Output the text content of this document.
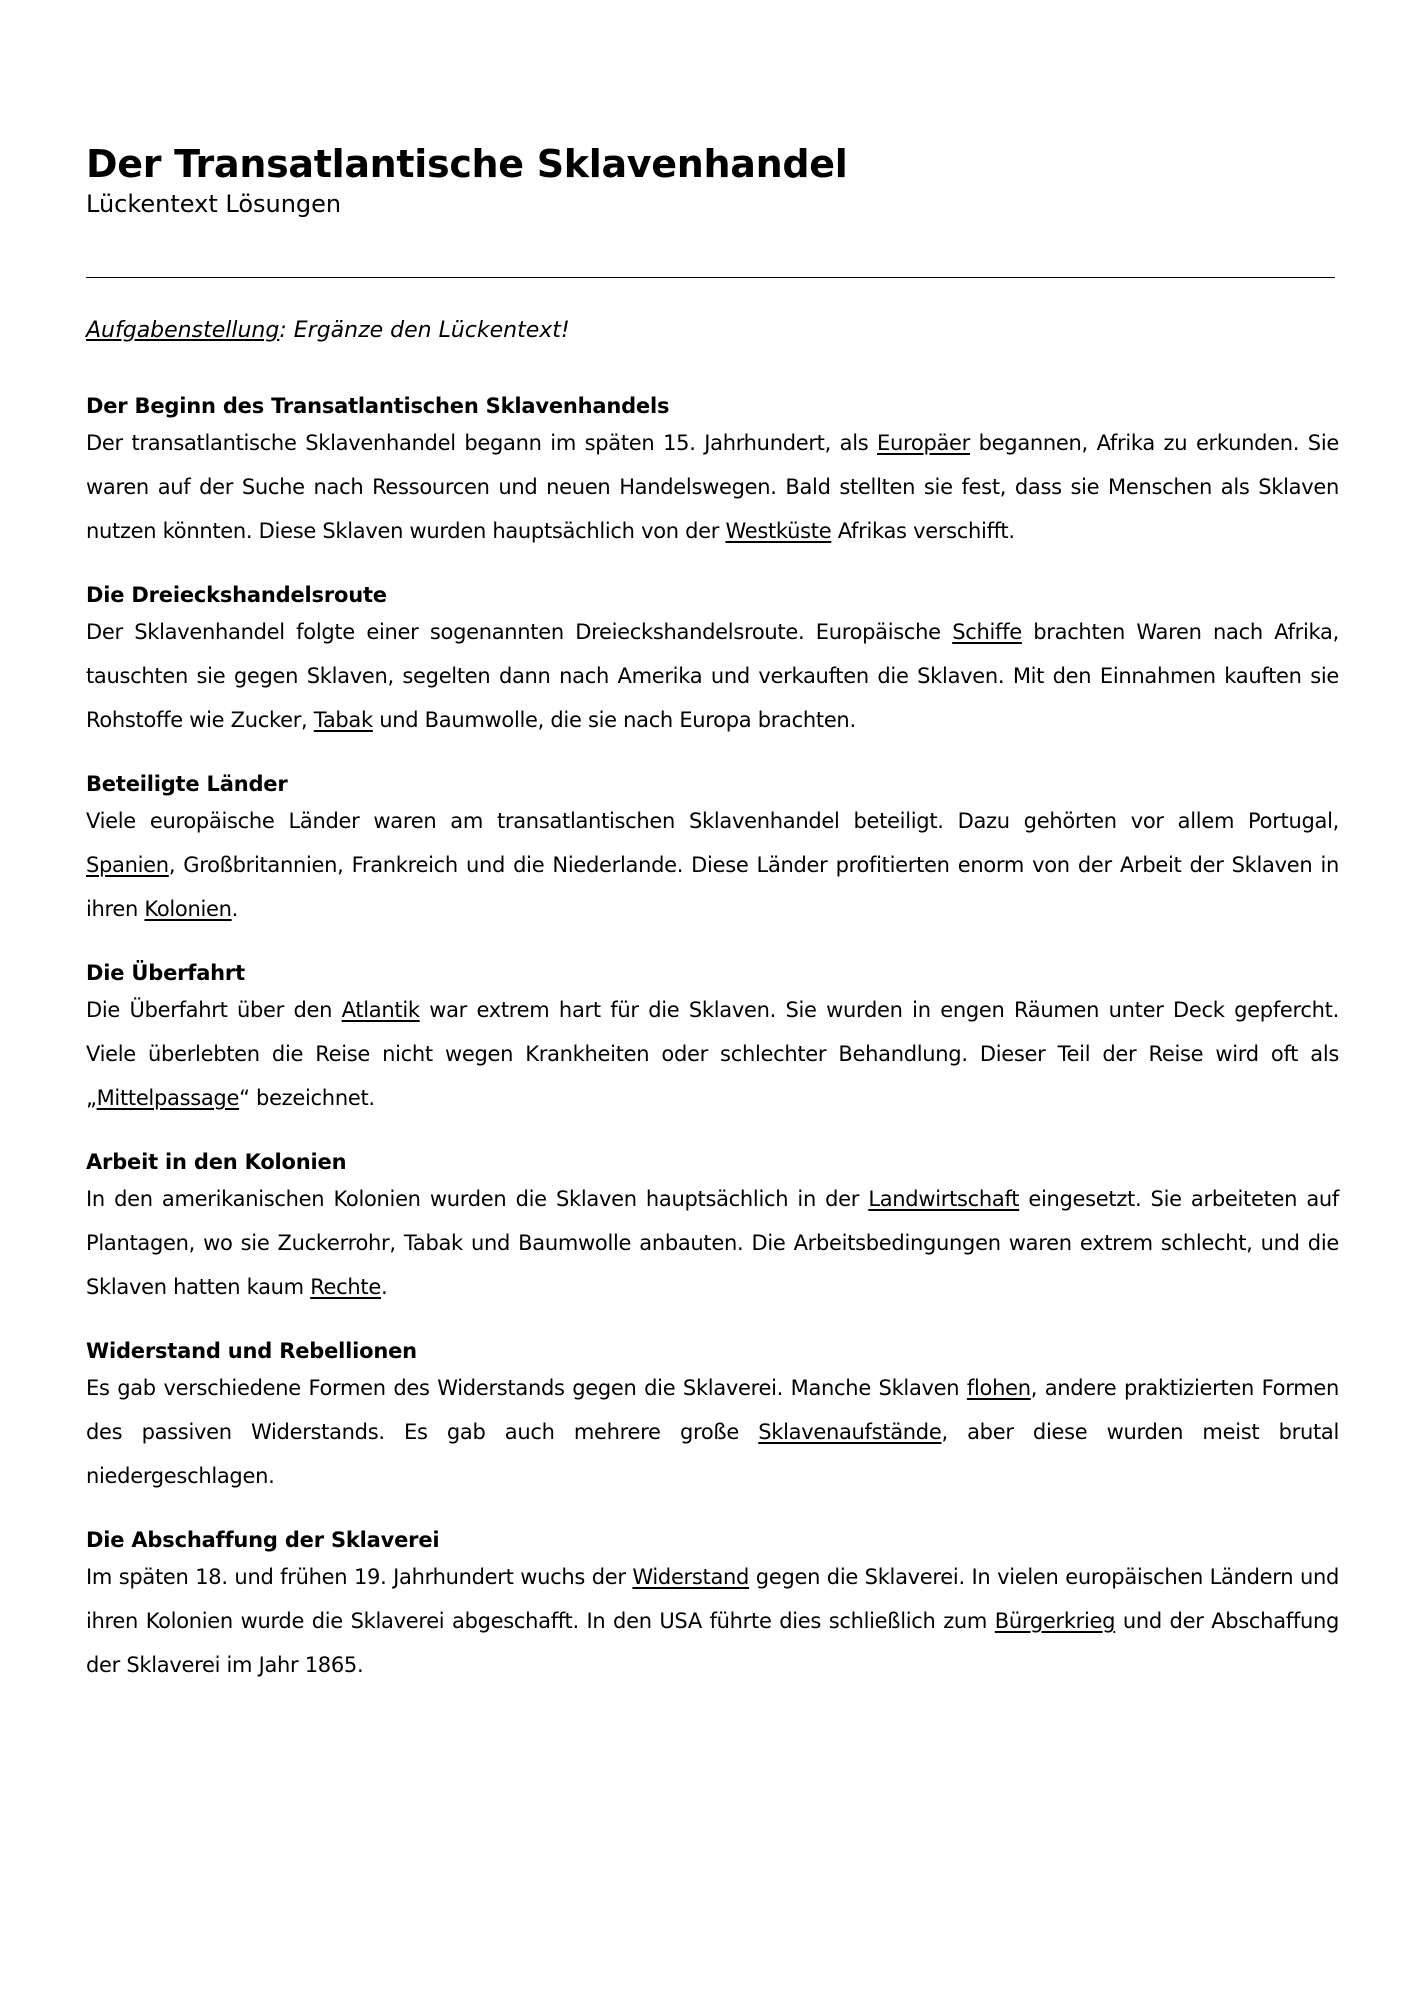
Der Transatlantische Sklavenhandel
Lückentext Lösungen
Aufgabenstellung: Ergänze den Lückentext!
Der Beginn des Transatlantischen Sklavenhandels

Der transatlantische Sklavenhandel begann im späten 15. Jahrhundert, als Europäer begannen, Afrika zu erkunden. Sie waren auf der Suche nach Ressourcen und neuen Handelswegen. Bald stellten sie fest, dass sie Menschen als Sklaven nutzen könnten. Diese Sklaven wurden hauptsächlich von der Westküste Afrikas verschifft.

Die Dreieckshandelsroute

Der Sklavenhandel folgte einer sogenannten Dreieckshandelsroute. Europäische Schiffe brachten Waren nach Afrika, tauschten sie gegen Sklaven, segelten dann nach Amerika und verkauften die Sklaven. Mit den Einnahmen kauften sie Rohstoffe wie Zucker, Tabak und Baumwolle, die sie nach Europa brachten.

Beteiligte Länder

Viele europäische Länder waren am transatlantischen Sklavenhandel beteiligt. Dazu gehörten vor allem Portugal, Spanien, Großbritannien, Frankreich und die Niederlande. Diese Länder profitierten enorm von der Arbeit der Sklaven in ihren Kolonien.

Die Überfahrt

Die Überfahrt über den Atlantik war extrem hart für die Sklaven. Sie wurden in engen Räumen unter Deck gepfercht. Viele überlebten die Reise nicht wegen Krankheiten oder schlechter Behandlung. Dieser Teil der Reise wird oft als „Mittelpassage“ bezeichnet.

Arbeit in den Kolonien

In den amerikanischen Kolonien wurden die Sklaven hauptsächlich in der Landwirtschaft eingesetzt. Sie arbeiteten auf Plantagen, wo sie Zuckerrohr, Tabak und Baumwolle anbauten. Die Arbeitsbedingungen waren extrem schlecht, und die Sklaven hatten kaum Rechte.

Widerstand und Rebellionen

Es gab verschiedene Formen des Widerstands gegen die Sklaverei. Manche Sklaven flohen, andere praktizierten Formen des passiven Widerstands. Es gab auch mehrere große Sklavenaufstände, aber diese wurden meist brutal niedergeschlagen.

Die Abschaffung der Sklaverei

Im späten 18. und frühen 19. Jahrhundert wuchs der Widerstand gegen die Sklaverei. In vielen europäischen Ländern und ihren Kolonien wurde die Sklaverei abgeschafft. In den USA führte dies schließlich zum Bürgerkrieg und der Abschaffung der Sklaverei im Jahr 1865.
